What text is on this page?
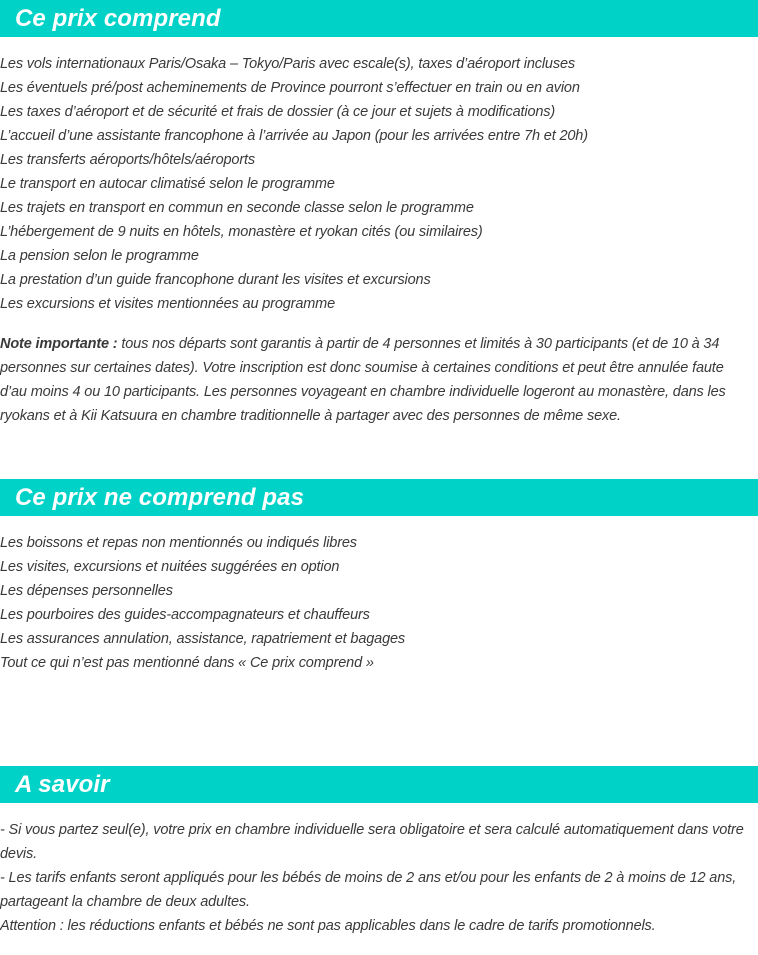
Ce prix comprend
Les vols internationaux Paris/Osaka – Tokyo/Paris avec escale(s), taxes d’aéroport incluses
Les éventuels pré/post acheminements de Province pourront s’effectuer en train ou en avion
Les taxes d’aéroport et de sécurité et frais de dossier (à ce jour et sujets à modifications)
L’accueil d’une assistante francophone à l’arrivée au Japon (pour les arrivées entre 7h et 20h)
Les transferts aéroports/hôtels/aéroports
Le transport en autocar climatisé selon le programme
Les trajets en transport en commun en seconde classe selon le programme
L’hébergement de 9 nuits en hôtels, monastère et ryokan cités (ou similaires)
La pension selon le programme
La prestation d’un guide francophone durant les visites et excursions
Les excursions et visites mentionnées au programme

Note importante : tous nos départs sont garantis à partir de 4 personnes et limités à 30 participants (et de 10 à 34 personnes sur certaines dates). Votre inscription est donc soumise à certaines conditions et peut être annulée faute d’au moins 4 ou 10 participants. Les personnes voyageant en chambre individuelle logeront au monastère, dans les ryokans et à Kii Katsuura en chambre traditionnelle à partager avec des personnes de même sexe.

Ce prix ne comprend pas
Les boissons et repas non mentionnés ou indiqués libres
Les visites, excursions et nuitées suggérées en option
Les dépenses personnelles
Les pourboires des guides-accompagnateurs et chauffeurs
Les assurances annulation, assistance, rapatriement et bagages
Tout ce qui n’est pas mentionné dans « Ce prix comprend »
A savoir
- Si vous partez seul(e), votre prix en chambre individuelle sera obligatoire et sera calculé automatiquement dans votre devis.
- Les tarifs enfants seront appliqués pour les bébés de moins de 2 ans et/ou pour les enfants de 2 à moins de 12 ans, partageant la chambre de deux adultes.
Attention : les réductions enfants et bébés ne sont pas applicables dans le cadre de tarifs promotionnels.
